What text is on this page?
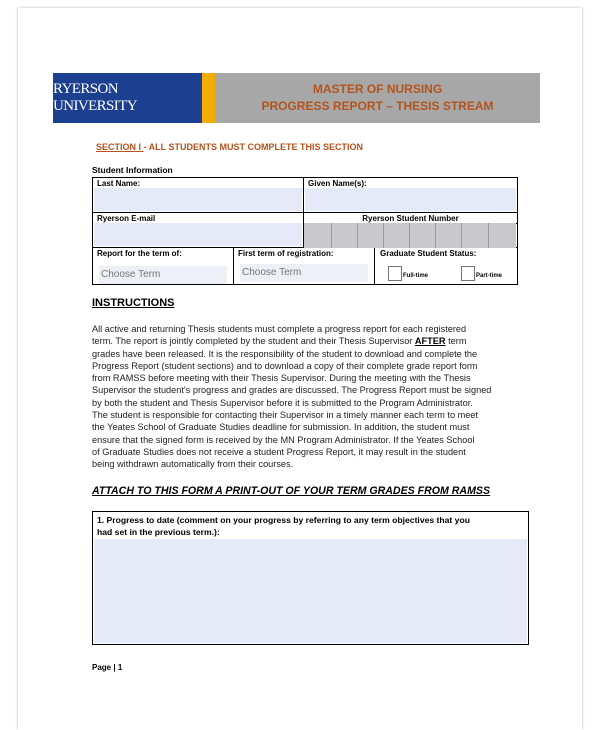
RYERSON UNIVERSITY
MASTER OF NURSING
PROGRESS REPORT – THESIS STREAM
SECTION I - ALL STUDENTS MUST COMPLETE THIS SECTION
Student Information
Last Name:	Given Name(s):
Ryerson E-mail	Ryerson Student Number
Report for the term of:
Choose Term
First term of registration:
Choose Term
Graduate Student Status:
Full-time	Part-time
INSTRUCTIONS
All active and returning Thesis students must complete a progress report for each registered
term. The report is jointly completed by the student and their Thesis Supervisor AFTER term
grades have been released. It is the responsibility of the student to download and complete the
Progress Report (student sections) and to download a copy of their complete grade report form
from RAMSS before meeting with their Thesis Supervisor. During the meeting with the Thesis
Supervisor the student's progress and grades are discussed. The Progress Report must be signed
by both the student and Thesis Supervisor before it is submitted to the Program Administrator.
The student is responsible for contacting their Supervisor in a timely manner each term to meet
the Yeates School of Graduate Studies deadline for submission. In addition, the student must
ensure that the signed form is received by the MN Program Administrator. If the Yeates School
of Graduate Studies does not receive a student Progress Report, it may result in the student
being withdrawn automatically from their courses.
ATTACH TO THIS FORM A PRINT-OUT OF YOUR TERM GRADES FROM RAMSS
1. Progress to date (comment on your progress by referring to any term objectives that you
had set in the previous term.):
Page | 1
